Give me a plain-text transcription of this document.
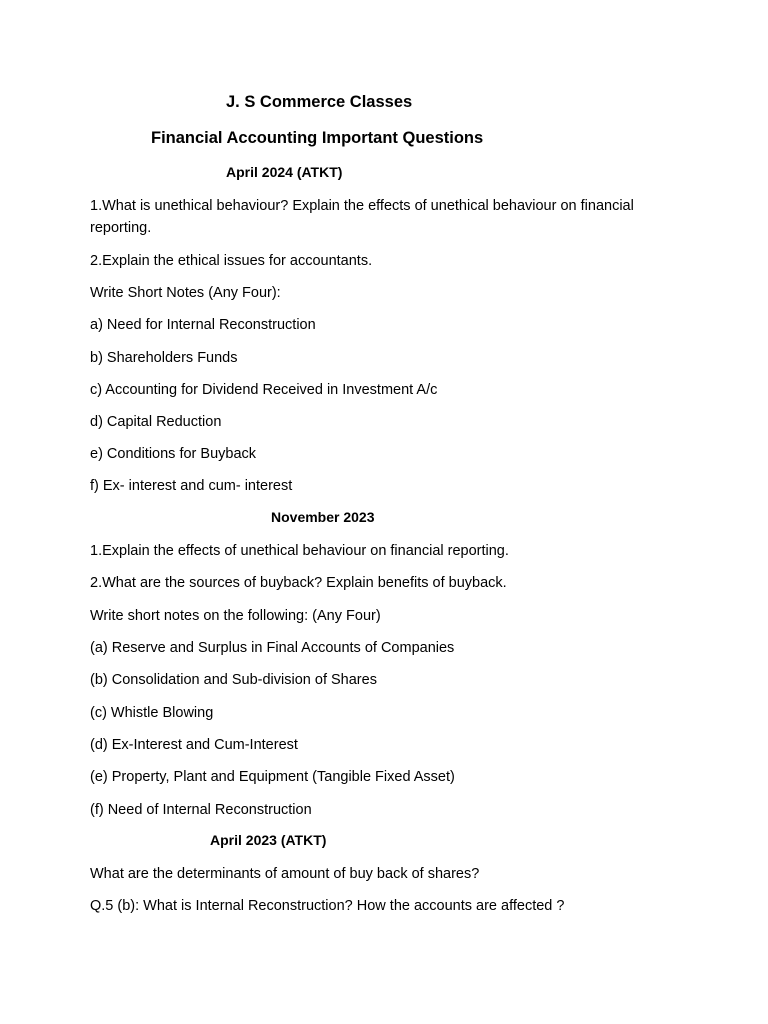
J. S Commerce Classes
Financial Accounting Important Questions
April 2024 (ATKT)
1.What is unethical behaviour? Explain the effects of unethical behaviour on financial reporting.
2.Explain the ethical issues for accountants.
Write Short Notes (Any Four):
a) Need for Internal Reconstruction
b) Shareholders Funds
c) Accounting for Dividend Received in Investment A/c
d) Capital Reduction
e) Conditions for Buyback
f) Ex- interest and cum- interest
November 2023
1.Explain the effects of unethical behaviour on financial reporting.
2.What are the sources of buyback? Explain benefits of buyback.
Write short notes on the following: (Any Four)
(a) Reserve and Surplus in Final Accounts of Companies
(b) Consolidation and Sub-division of Shares
(c) Whistle Blowing
(d) Ex-Interest and Cum-Interest
(e) Property, Plant and Equipment (Tangible Fixed Asset)
(f) Need of Internal Reconstruction
April 2023 (ATKT)
What are the determinants of amount of buy back of shares?
Q.5 (b): What is Internal Reconstruction? How the accounts are affected ?
